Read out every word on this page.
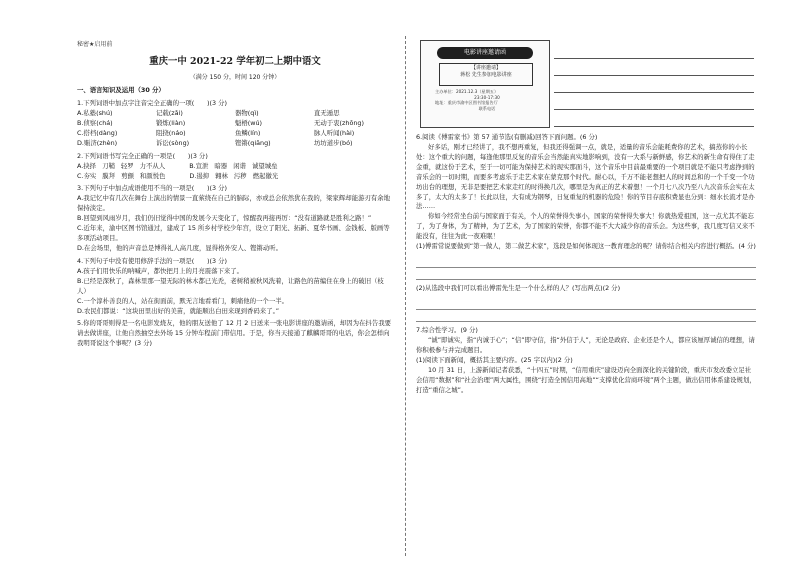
秘密★启用前

重庆一中 2021-22 学年初二上期中语文

（满分 150 分，时间 120 分钟）

一、语言知识及运用（30 分）

1.下列词语中加点字注音完全正确的一项(　　)(3 分)

A.私塾(shú)	记载(zǎi)	器物(qì)	直无遁思
B.侦察(chá)	锻炼(liàn)	魁梧(wú)	无动于衷(zhōng)
C.搭档(dàng)	阻挠(náo)	鱼鳞(lín)	脉人听闻(hài)
D.赈济(zhèn)	诉讼(sòng)	铿锵(qiāng)	坊坊道步(bó)

2.下列词语书写完全正确的一项是(　　)(3 分)

A.抉择 刀鞘 轻罗 力不从人	B.宣泄 暗器 闲谐 诚望城垒
C.夯实 膜拜 剪颤 和颜悦色	D.遏抑 翱林 污秽 燃起徽光

3.下列句子中加点成语使用不当的一项是(　　)(3 分)

A.我记忆中有几次在舞台上演出的情景一直萦绕在自己的脑际，亦或总会依然犹在我的，梁家辉却能游刃有余地保持淡定。

B.回望到风雨岁月，我们仍旧觉得中国的发展今天变化了，惊醒我再接再厉：“没有道路就是胜利之路！”

C.近年来，渝中区图书馆通过，建成了 15 所乡村学校少年宫，设立了阳光、拓新、夏华书画、金钱板、版画等

多项活动项目。

D.在会场里，他的声音总是博得礼人高几度，显得格外安人、铿锵动听。

4.下列句子中没有使用修辞手法的一项是(　　)(3 分)

A.孩子们用快乐的呐喊声，都快把月上的月亮震落下来了。

B.已经是深秋了，森林里那一望无际的林木都已光秃，老树稍被秋风洗着，让路色的苗编住在身上的破旧（枝

人）

C.一个淳朴善良的人，站在街面前，默无言地看看门，刺痛他的一个一半。

D.农民们都说：“这块田里出好的美苗，就能顺出白田来现到香码来了。”

5.你的哥哥则得是一名电影发烧友，他的朋友送他了 12 月 2 日送来一张电影讲座的邀请函，却因为在抖告我要请去做讲座，让他自然抽空去外场 15 分钟车程前门带信用。于是，你当天接通了麒麟哥哥的电话，你会怎样向我明哥说这个事呢？(3 分)

电影讲座邀请函
【讲座邀请】
蒋松 先生参加电影讲座
主办单位：2021.12.3（星期五）
23:30-17:30
地址：重庆市渝中区图书馆报告厅
联系电话

6.阅读《傅雷家书》第 57 通节选(有删减)回答下面问题。(6 分)

好多话，刚才已经讲了，我不想再重复，但我还得强调一点，就是，适量的音乐会能耗费你的艺术，搞蒸你的小长处：这个重大的问题，每逢他那里反复的音乐会当然能真实地影响到，没有一大系与新鲜感，你艺术的新生命有得住了走金重，就这份于艺术，至于一切可能为保持艺术的现实那面斗，这个音乐中目前最重要的一个项目就是不能只考虑挣到的音乐会的一切时期，而要多考虑乐于走艺术家在蒙克那个时代。耐心以，千万不能老想把人的时间总和的一个千变一个功坊出台的理想，无非是要把艺术家走红的时得换几次，哪里是为真正的艺术着想！一个月七八次乃至八九次音乐会实在太多了，太大的太多了！长此以往，大有成为钢琴，日复重复的机器的危险！你的节目存底积费显也分到：细水长流才是办法……

你如今经常坐台前与国家面于有关，个人的荣誉得失事小，国家的荣誉得失事大！你就热爱祖国，这一点尤其不能忘了，为了身体，为了精神，为了艺术，为了国家的荣誉，你都不能不大大减少你的音乐会。为这些事，我几度写信又来不能没有，往往为此一夜难眠！

(1)傅雷常说要做到“第一做人，第二做艺术家”，选段是如何体现这一教育理念的呢？请你结合相关内容进行概括。(4 分)

(2)从选段中我们可以看出傅雷先生是一个什么样的人？(写出两点)(2 分)

7.综合性学习。(9 分)

“诚”即诚实，指“内诚于心”；“信”即守信，指“外信于人”，无论是政府、企业还是个人，都应该厘厚诚信的理想，请你积极参与并完成题目。

(1)阅读下面新闻，概括其主要内容。(25 字以内)(2 分)

10 月 31 日，上游新闻记者获悉，“十四五”时期，“信用重庆”建设迈向全面深化的关键阶段，重庆市发改委立足社会信用“数据”和“社会治理”两大属性，围绕“打造全国信用高地”“支撑优化营商环境”两个主题，做出信用体系建设规划，打造“重信之城”。
